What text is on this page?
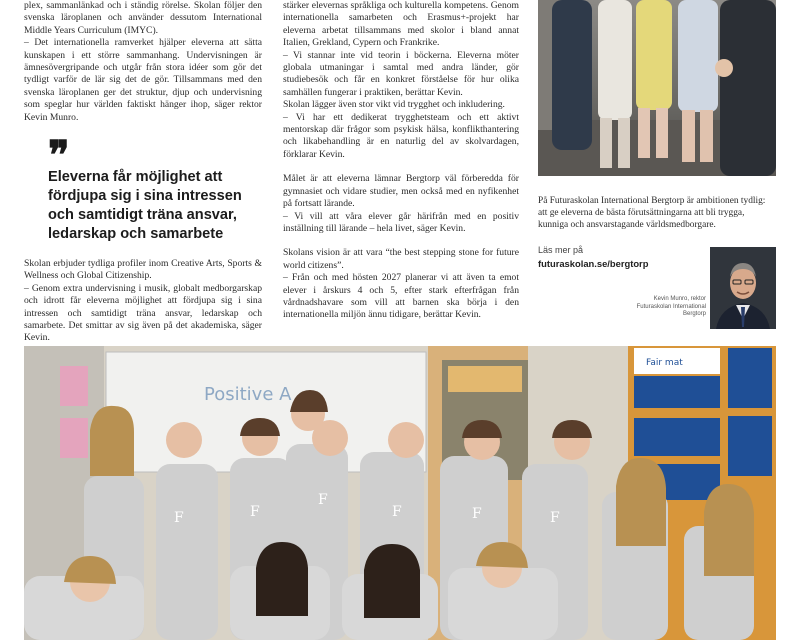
plex, sammanlänkad och i ständig rörelse. Skolan följer den svenska läroplanen och använder dessutom International Middle Years Curriculum (IMYC).

– Det internationella ramverket hjälper eleverna att sätta kunskapen i ett större sammanhang. Undervisningen är ämnesövergripande och utgår från stora idéer som gör det tydligt varför de lär sig det de gör. Tillsammans med den svenska läroplanen ger det struktur, djup och undervisning som speglar hur världen faktiskt hänger ihop, säger rektor Kevin Munro.

❞
Eleverna får möjlighet att fördjupa sig i sina intressen och samtidigt träna ansvar, ledarskap och samarbete

Skolan erbjuder tydliga profiler inom Creative Arts, Sports & Wellness och Global Citizenship.

– Genom extra undervisning i musik, globalt medborgarskap och idrott får eleverna möjlighet att fördjupa sig i sina intressen och samtidigt träna ansvar, ledarskap och samarbete. Det smittar av sig även på det akademiska, säger Kevin.

stärker elevernas språkliga och kulturella kompetens. Genom internationella samarbeten och Erasmus+-projekt har eleverna arbetat tillsammans med skolor i bland annat Italien, Grekland, Cypern och Frankrike.

– Vi stannar inte vid teorin i böckerna. Eleverna möter globala utmaningar i samtal med andra länder, gör studiebesök och får en konkret förståelse för hur olika samhällen fungerar i praktiken, berättar Kevin.

Skolan lägger även stor vikt vid trygghet och inkludering.

– Vi har ett dedikerat trygghetsteam och ett aktivt mentorskap där frågor som psykisk hälsa, konflikthantering och likabehandling är en naturlig del av skolvardagen, förklarar Kevin.

Målet är att eleverna lämnar Bergtorp väl förberedda för gymnasiet och vidare studier, men också med en nyfikenhet på fortsatt lärande.

– Vi vill att våra elever går härifrån med en positiv inställning till lärande – hela livet, säger Kevin.

Skolans vision är att vara “the best stepping stone for future world citizens”.

– Från och med hösten 2027 planerar vi att även ta emot elever i årskurs 4 och 5, efter stark efterfrågan från vårdnadshavare som vill att barnen ska börja i den internationella miljön ännu tidigare, berättar Kevin.

På Futuraskolan International Bergtorp är ambitionen tydlig: att ge eleverna de bästa förutsättningarna att bli trygga, kunniga och ansvarstagande världsmedborgare.
Läs mer på
futuraskolan.se/bergtorp
Kevin Munro, rektor
Futuraskolan International
Bergtorp
Positive A
Fair mat
F	F
F
F	F	F
